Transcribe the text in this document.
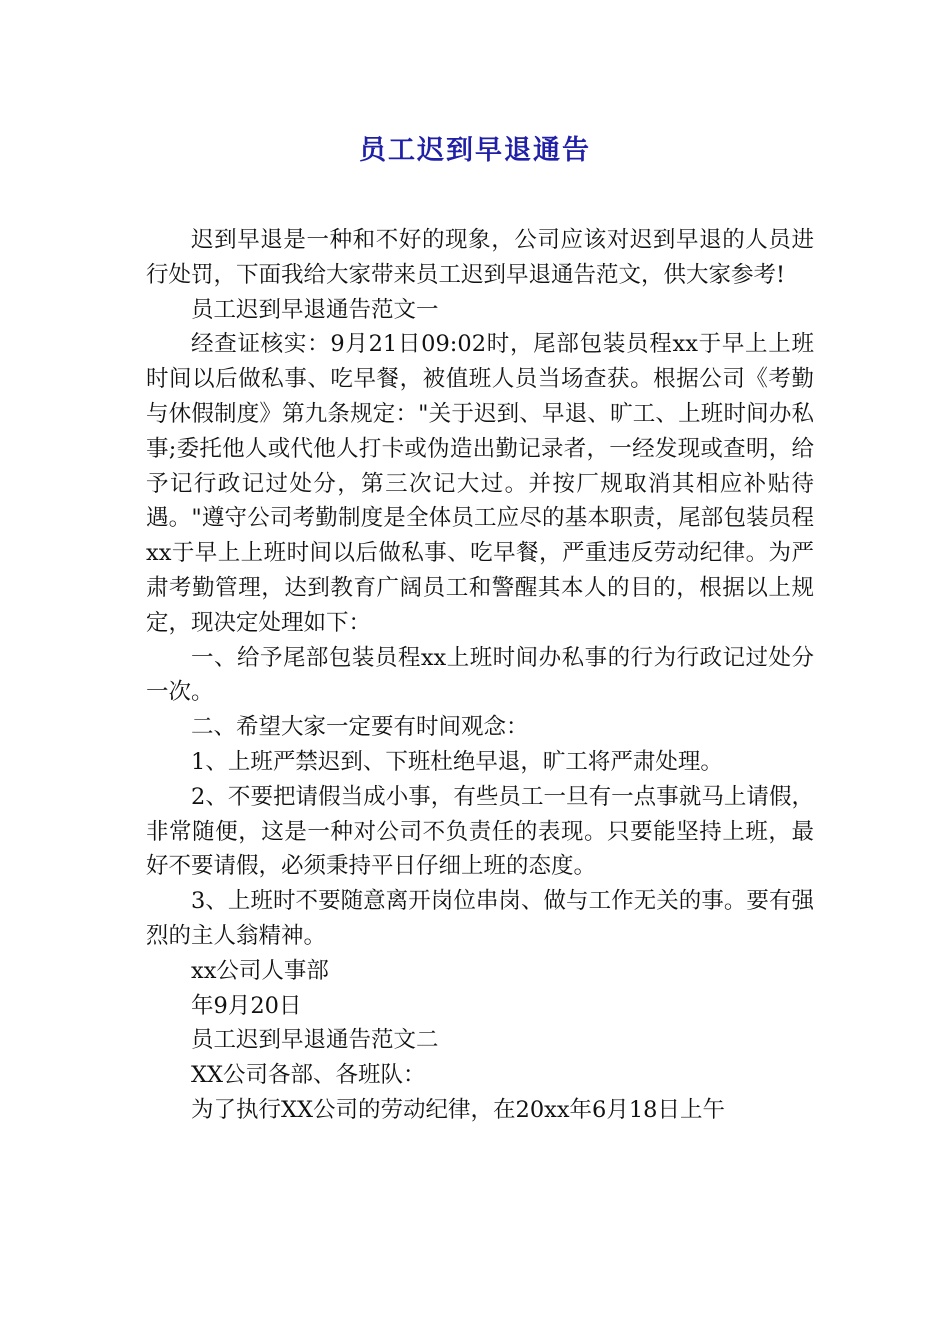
员工迟到早退通告

迟到早退是一种和不好的现象，公司应该对迟到早退的人员进行处罚，下面我给大家带来员工迟到早退通告范文，供大家参考!

员工迟到早退通告范文一

经查证核实：9月21日09:02时，尾部包装员程xx于早上上班时间以后做私事、吃早餐，被值班人员当场查获。根据公司《考勤与休假制度》第九条规定："关于迟到、早退、旷工、上班时间办私事;委托他人或代他人打卡或伪造出勤记录者，一经发现或查明，给予记行政记过处分，第三次记大过。并按厂规取消其相应补贴待遇。"遵守公司考勤制度是全体员工应尽的基本职责，尾部包装员程xx于早上上班时间以后做私事、吃早餐，严重违反劳动纪律。为严肃考勤管理，达到教育广阔员工和警醒其本人的目的，根据以上规定，现决定处理如下：

一、给予尾部包装员程xx上班时间办私事的行为行政记过处分一次。

二、希望大家一定要有时间观念：

1、上班严禁迟到、下班杜绝早退，旷工将严肃处理。

2、不要把请假当成小事，有些员工一旦有一点事就马上请假，非常随便，这是一种对公司不负责任的表现。只要能坚持上班，最好不要请假，必须秉持平日仔细上班的态度。

3、上班时不要随意离开岗位串岗、做与工作无关的事。要有强烈的主人翁精神。

xx公司人事部

年9月20日

员工迟到早退通告范文二

XX公司各部、各班队：

为了执行XX公司的劳动纪律，在20xx年6月18日上午
